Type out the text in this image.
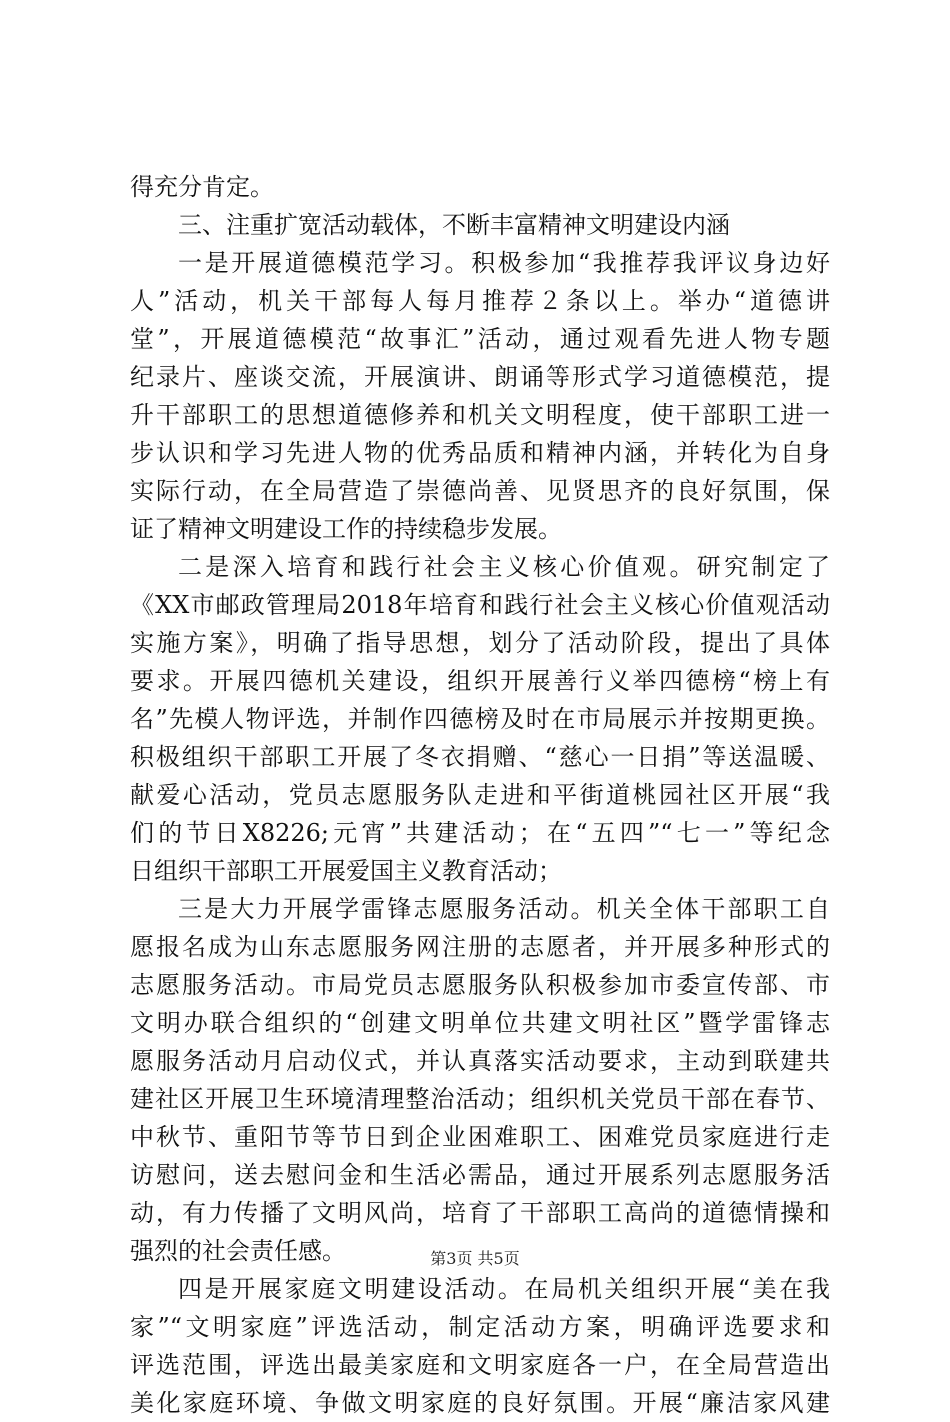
得充分肯定。
三、注重扩宽活动载体，不断丰富精神文明建设内涵
一是开展道德模范学习。积极参加“我推荐我评议身边好
人”活动，机关干部每人每月推荐２条以上。举办“道德讲
堂”，开展道德模范“故事汇”活动，通过观看先进人物专题
纪录片、座谈交流，开展演讲、朗诵等形式学习道德模范，提
升干部职工的思想道德修养和机关文明程度，使干部职工进一
步认识和学习先进人物的优秀品质和精神内涵，并转化为自身
实际行动，在全局营造了崇德尚善、见贤思齐的良好氛围，保
证了精神文明建设工作的持续稳步发展。
二是深入培育和践行社会主义核心价值观。研究制定了
《XX市邮政管理局2018年培育和践行社会主义核心价值观活动
实施方案》，明确了指导思想，划分了活动阶段，提出了具体
要求。开展四德机关建设，组织开展善行义举四德榜“榜上有
名”先模人物评选，并制作四德榜及时在市局展示并按期更换。
积极组织干部职工开展了冬衣捐赠、“慈心一日捐”等送温暖、
献爱心活动，党员志愿服务队走进和平街道桃园社区开展“我
们的节日X8226;元宵”共建活动；在“五四”“七一”等纪念
日组织干部职工开展爱国主义教育活动；
三是大力开展学雷锋志愿服务活动。机关全体干部职工自
愿报名成为山东志愿服务网注册的志愿者，并开展多种形式的
志愿服务活动。市局党员志愿服务队积极参加市委宣传部、市
文明办联合组织的“创建文明单位共建文明社区”暨学雷锋志
愿服务活动月启动仪式，并认真落实活动要求，主动到联建共
建社区开展卫生环境清理整治活动；组织机关党员干部在春节、
中秋节、重阳节等节日到企业困难职工、困难党员家庭进行走
访慰问，送去慰问金和生活必需品，通过开展系列志愿服务活
动，有力传播了文明风尚，培育了干部职工高尚的道德情操和
强烈的社会责任感。
四是开展家庭文明建设活动。在局机关组织开展“美在我
家”“文明家庭”评选活动，制定活动方案，明确评选要求和
评选范围，评选出最美家庭和文明家庭各一户，在全局营造出
美化家庭环境、争做文明家庭的良好氛围。开展“廉洁家风建
第3页 共5页
